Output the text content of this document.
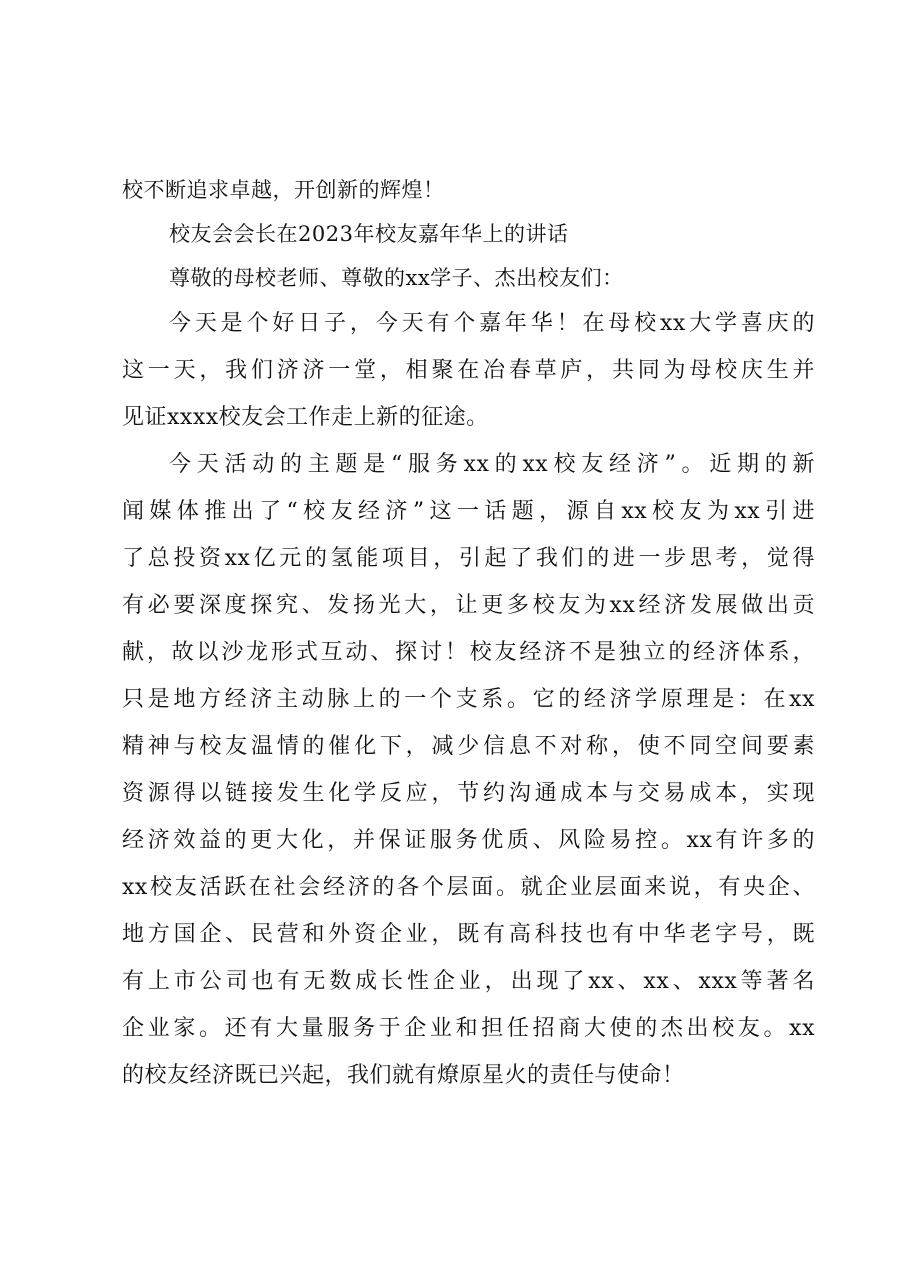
校不断追求卓越，开创新的辉煌！
校友会会长在2023年校友嘉年华上的讲话
尊敬的母校老师、尊敬的xx学子、杰出校友们：
今天是个好日子，今天有个嘉年华！在母校xx大学喜庆的
这一天，我们济济一堂，相聚在冶春草庐，共同为母校庆生并
见证xxxx校友会工作走上新的征途。
今天活动的主题是“服务xx的xx校友经济”。近期的新
闻媒体推出了“校友经济”这一话题，源自xx校友为xx引进
了总投资xx亿元的氢能项目，引起了我们的进一步思考，觉得
有必要深度探究、发扬光大，让更多校友为xx经济发展做出贡
献，故以沙龙形式互动、探讨！校友经济不是独立的经济体系，
只是地方经济主动脉上的一个支系。它的经济学原理是：在xx
精神与校友温情的催化下，减少信息不对称，使不同空间要素
资源得以链接发生化学反应，节约沟通成本与交易成本，实现
经济效益的更大化，并保证服务优质、风险易控。xx有许多的
xx校友活跃在社会经济的各个层面。就企业层面来说，有央企、
地方国企、民营和外资企业，既有高科技也有中华老字号，既
有上市公司也有无数成长性企业，出现了xx、xx、xxx等著名
企业家。还有大量服务于企业和担任招商大使的杰出校友。xx
的校友经济既已兴起，我们就有燎原星火的责任与使命！
